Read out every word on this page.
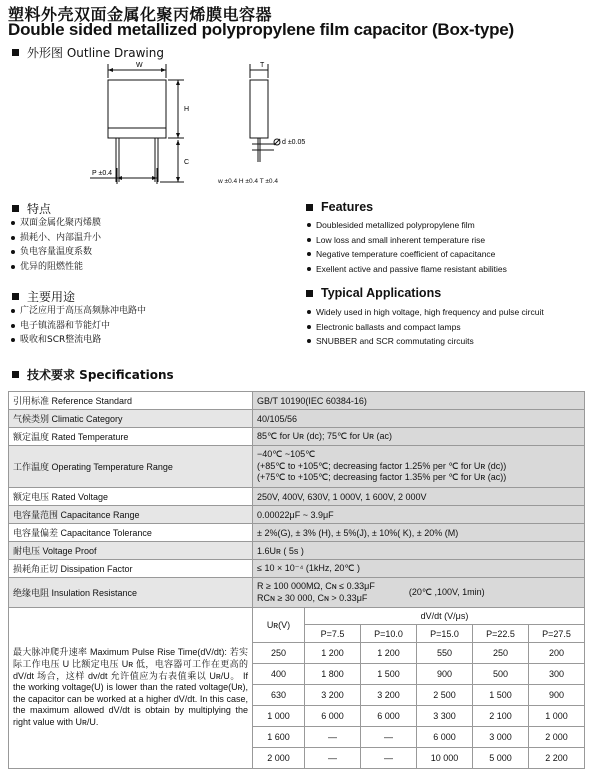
塑料外壳双面金属化聚丙烯膜电容器
Double sided metallized polypropylene film capacitor (Box-type)
外形图 Outline Drawing
W
H
C
T
P ±0.4
d ±0.05
w ±0.4 H ±0.4 T ±0.4
特点
双面金属化聚丙烯膜
损耗小、内部温升小
负电容量温度系数
优异的阻燃性能
主要用途
广泛应用于高压高频脉冲电路中
电子镇流器和节能灯中
吸收和SCR整流电路
Features
Doublesided metallized polypropylene film
Low loss and small inherent temperature rise
Negative temperature coefficient of capacitance
Exellent active and passive flame resistant abilities
Typical Applications
Widely used in high voltage, high frequency and pulse circuit
Electronic ballasts and compact lamps
SNUBBER and SCR commutating circuits
技术要求 Specifications
引用标准 Reference Standard	GB/T 10190(IEC 60384-16)					
气候类别 Climatic Category	40/105/56					
额定温度 Rated Temperature	85℃ for Uʀ (dc); 75℃ for Uʀ (ac)					
工作温度 Operating Temperature Range	−40℃ ~105℃
(+85℃ to +105℃; decreasing factor 1.25% per ℃ for Uʀ (dc))
(+75℃ to +105℃; decreasing factor 1.35% per ℃ for Uʀ (ac))					

额定电压 Rated Voltage	250V, 400V, 630V, 1 000V, 1 600V, 2 000V					
电容量范围 Capacitance Range	0.00022μF ~ 3.9μF					
电容量偏差 Capacitance Tolerance	± 2%(G), ± 3% (H), ± 5%(J), ± 10%( K), ± 20% (M)					
耐电压 Voltage Proof	1.6Uʀ ( 5s )					
损耗角正切 Dissipation Factor	≤ 10 × 10⁻⁴ (1kHz, 20℃ )					
绝缘电阻 Insulation Resistance	R ≥ 100 000MΩ, Cɴ ≤ 0.33μF
RCɴ ≥ 30 000, Cɴ > 0.33μF
(20℃ ,100V, 1min)					

最大脉冲爬升速率 Maximum Pulse Rise Time(dV/dt): 若实际工作电压 U 比额定电压 Uʀ 低，电容器可工作在更高的 dV/dt 场合，这样 dv/dt 允许值应为右表值乘以 Uʀ/U。 If the working voltage(U) is lower than the rated voltage(Uʀ), the capacitor can be worked at a higher dV/dt. In this case, the maximum allowed dV/dt is obtain by multiplying the right value with Uʀ/U.	Uʀ(V)	dV/dt (V/μs)				
		P=7.5	P=10.0	P=15.0	P=22.5	P=27.5
	250	1 200	1 200	550	250	200
	400	1 800	1 500	900	500	300
	630	3 200	3 200	2 500	1 500	900
	1 000	6 000	6 000	3 300	2 100	1 000
	1 600	—	—	6 000	3 000	2 000
	2 000	—	—	10 000	5 000	2 200
